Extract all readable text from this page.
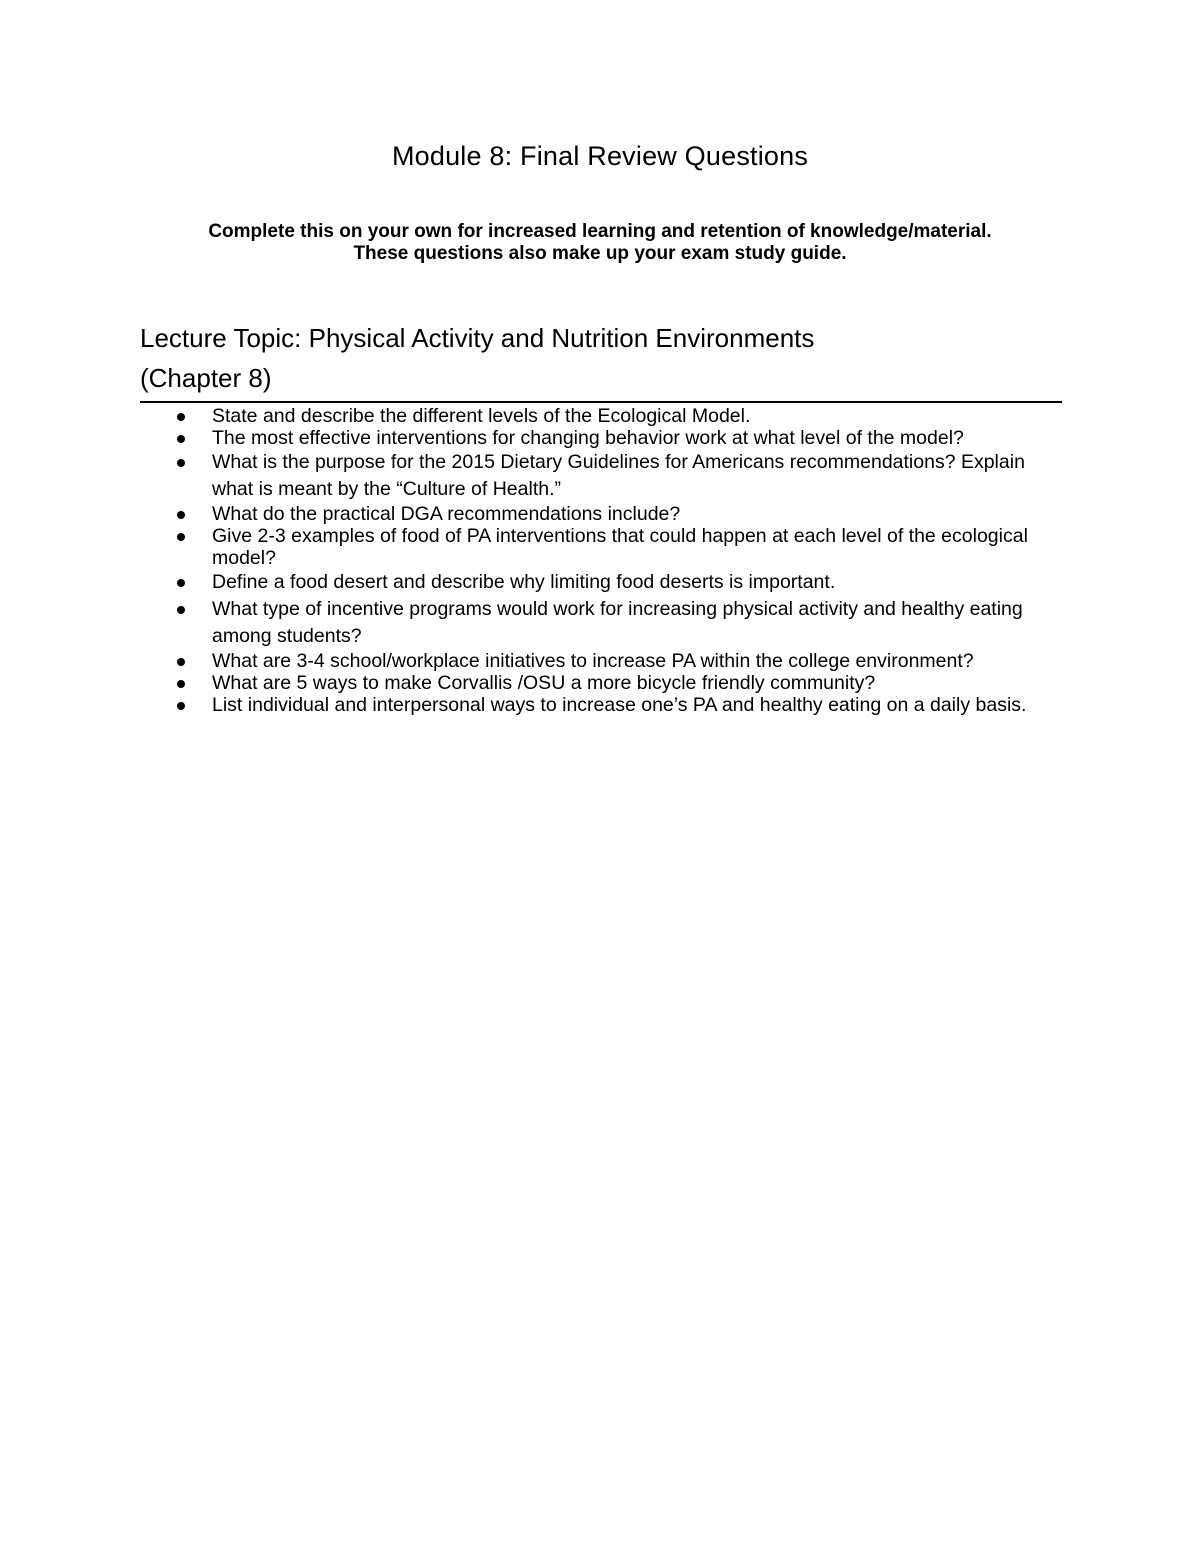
Module 8: Final Review Questions
Complete this on your own for increased learning and retention of knowledge/material.
These questions also make up your exam study guide.
Lecture Topic: Physical Activity and Nutrition Environments
(Chapter 8)
State and describe the different levels of the Ecological Model.
The most effective interventions for changing behavior work at what level of the model?
What is the purpose for the 2015 Dietary Guidelines for Americans recommendations? Explain what is meant by the “Culture of Health.”
What do the practical DGA recommendations include?
Give 2-3 examples of food of PA interventions that could happen at each level of the ecological model?
Define a food desert and describe why limiting food deserts is important.
What type of incentive programs would work for increasing physical activity and healthy eating among students?
What are 3-4 school/workplace initiatives to increase PA within the college environment?
What are 5 ways to make Corvallis /OSU a more bicycle friendly community?
List individual and interpersonal ways to increase one’s PA and healthy eating on a daily basis.
